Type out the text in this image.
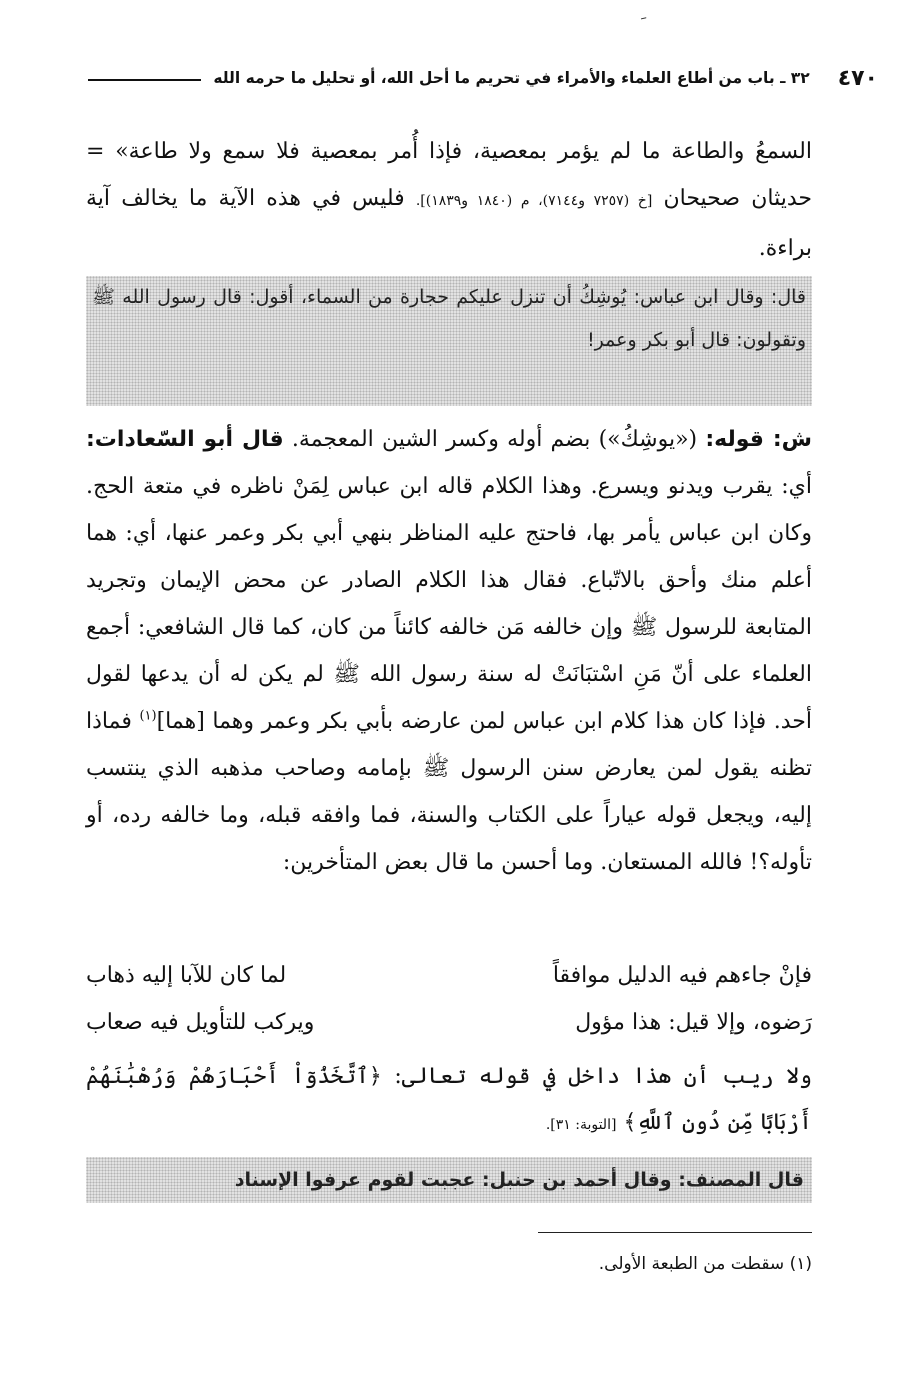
ﹶ
٤٧٠
٣٢ ـ باب من أطاع العلماء والأمراء في تحريم ما أحل الله، أو تحليل ما حرمه الله

السمعُ والطاعة ما لم يؤمر بمعصية، فإذا أُمر بمعصية فلا سمع ولا طاعة» = حديثان صحيحان [خ (٧٢٥٧ و٧١٤٤)، م (١٨٤٠ و١٨٣٩)]. فليس في هذه الآية ما يخالف آية براءة.

قال: وقال ابن عباس: يُوشِكُ أن تنزل عليكم حجارة من السماء، أقول: قال رسول الله ﷺ وتقولون: قال أبو بكر وعمر!

ش: قوله: («يوشِكُ») بضم أوله وكسر الشين المعجمة. قال أبو السّعادات: أي: يقرب ويدنو ويسرع. وهذا الكلام قاله ابن عباس لِمَنْ ناظره في متعة الحج. وكان ابن عباس يأمر بها، فاحتج عليه المناظر بنهي أبي بكر وعمر عنها، أي: هما أعلم منك وأحق بالاتّباع. فقال هذا الكلام الصادر عن محض الإيمان وتجريد المتابعة للرسول ﷺ وإن خالفه مَن خالفه كائناً من كان، كما قال الشافعي: أجمع العلماء على أنّ مَنِ اسْتبَانَتْ له سنة رسول الله ﷺ لم يكن له أن يدعها لقول أحد. فإذا كان هذا كلام ابن عباس لمن عارضه بأبي بكر وعمر وهما [هما]$^{(١)}$ فماذا تظنه يقول لمن يعارض سنن الرسول ﷺ بإمامه وصاحب مذهبه الذي ينتسب إليه، ويجعل قوله عياراً على الكتاب والسنة، فما وافقه قبله، وما خالفه رده، أو تأوله؟! فالله المستعان. وما أحسن ما قال بعض المتأخرين:

فإنْ جاءهم فيه الدليل موافقاً
لما كان للآبا إليه ذهاب
رَضوه، وإلا قيل: هذا مؤول
ويركب للتأويل فيه صعاب

ولا ريب أن هذا داخل في قوله تعالى: ﴿ٱتَّخَذُوٓاْ أَحْبَارَهُمْ وَرُهْبَٰنَهُمْ أَرْبَابًا مِّن دُونِ ٱللَّهِ﴾ [التوبة: ٣١].

قال المصنف: وقال أحمد بن حنبل: عجبت لقوم عرفوا الإسناد
(١) سقطت من الطبعة الأولى.
